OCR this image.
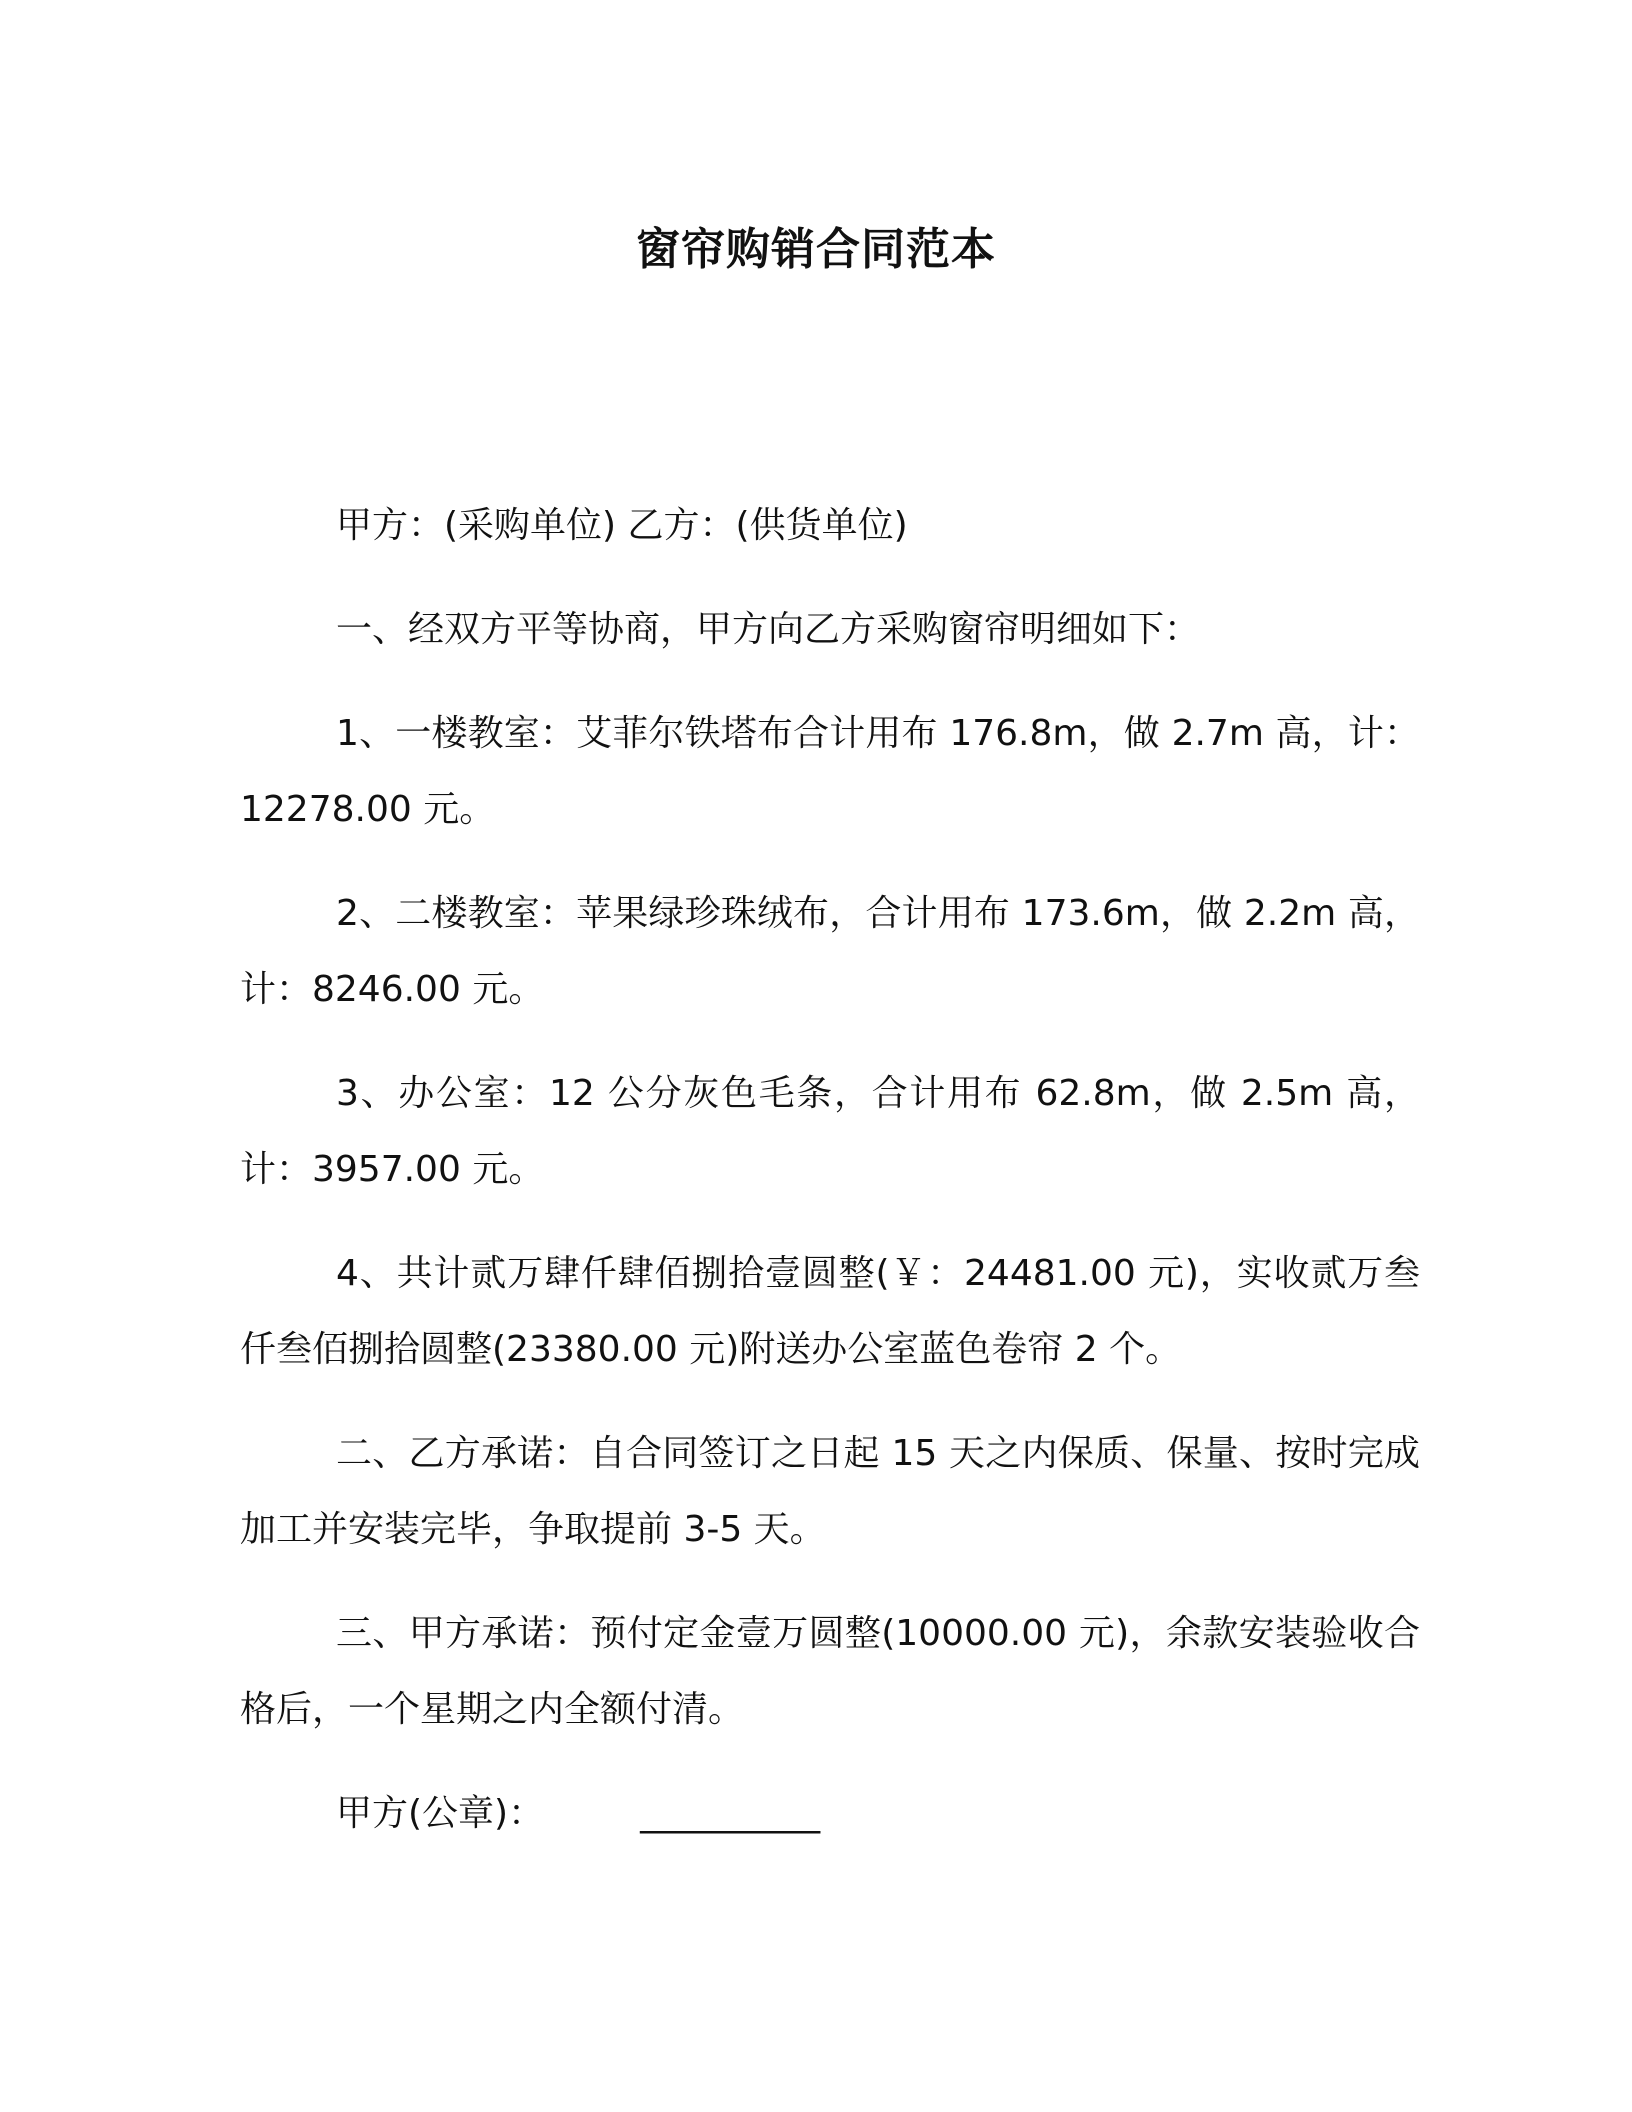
窗帘购销合同范本

甲方：(采购单位) 乙方：(供货单位)

一、经双方平等协商，甲方向乙方采购窗帘明细如下：

1、一楼教室：艾菲尔铁塔布合计用布 176.8m，做 2.7m 高，计：12278.00 元。

2、二楼教室：苹果绿珍珠绒布，合计用布 173.6m，做 2.2m 高，计：8246.00 元。

3、办公室：12 公分灰色毛条，合计用布 62.8m，做 2.5m 高，计：3957.00 元。

4、共计贰万肆仟肆佰捌拾壹圆整(￥：24481.00 元)，实收贰万叁仟叁佰捌拾圆整(23380.00 元)附送办公室蓝色卷帘 2 个。

二、乙方承诺：自合同签订之日起 15 天之内保质、保量、按时完成加工并安装完毕，争取提前 3-5 天。

三、甲方承诺：预付定金壹万圆整(10000.00 元)，余款安装验收合格后，一个星期之内全额付清。

甲方(公章)：	__________
